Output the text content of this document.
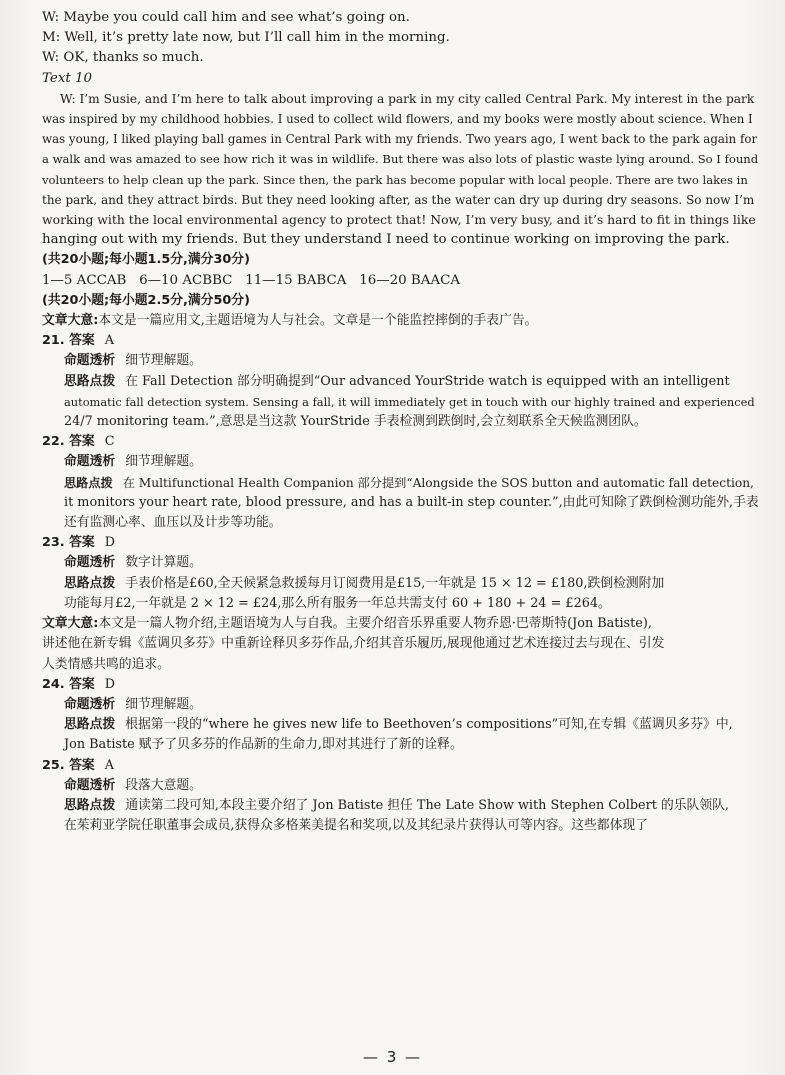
W: Maybe you could call him and see what’s going on.

M: Well, it’s pretty late now, but I’ll call him in the morning.

W: OK, thanks so much.

Text 10

W: I’m Susie, and I’m here to talk about improving a park in my city called Central Park. My interest in the park

was inspired by my childhood hobbies. I used to collect wild flowers, and my books were mostly about science. When I

was young, I liked playing ball games in Central Park with my friends. Two years ago, I went back to the park again for

a walk and was amazed to see how rich it was in wildlife. But there was also lots of plastic waste lying around. So I found

volunteers to help clean up the park. Since then, the park has become popular with local people. There are two lakes in

the park, and they attract birds. But they need looking after, as the water can dry up during dry seasons. So now I’m

working with the local environmental agency to protect that! Now, I’m very busy, and it’s hard to fit in things like

hanging out with my friends. But they understand I need to continue working on improving the park.

(共20小题;每小题1.5分,满分30分)

1—5 ACCAB   6—10 ACBBC   11—15 BABCA   16—20 BAACA

(共20小题;每小题2.5分,满分50分)

文章大意:本文是一篇应用文,主题语境为人与社会。文章是一个能监控摔倒的手表广告。

21. 答案 A

命题透析 细节理解题。

思路点拨 在 Fall Detection 部分明确提到“Our advanced YourStride watch is equipped with an intelligent

automatic fall detection system. Sensing a fall, it will immediately get in touch with our highly trained and experienced

24/7 monitoring team.”,意思是当这款 YourStride 手表检测到跌倒时,会立刻联系全天候监测团队。

22. 答案 C

命题透析 细节理解题。

思路点拨 在 Multifunctional Health Companion 部分提到“Alongside the SOS button and automatic fall detection,

it monitors your heart rate, blood pressure, and has a built-in step counter.”,由此可知除了跌倒检测功能外,手表

还有监测心率、血压以及计步等功能。

23. 答案 D

命题透析 数字计算题。

思路点拨 手表价格是£60,全天候紧急救援每月订阅费用是£15,一年就是 15 × 12 = £180,跌倒检测附加

功能每月£2,一年就是 2 × 12 = £24,那么所有服务一年总共需支付 60 + 180 + 24 = £264。

文章大意:本文是一篇人物介绍,主题语境为人与自我。主要介绍音乐界重要人物乔恩·巴蒂斯特(Jon Batiste),

讲述他在新专辑《蓝调贝多芬》中重新诠释贝多芬作品,介绍其音乐履历,展现他通过艺术连接过去与现在、引发

人类情感共鸣的追求。

24. 答案 D

命题透析 细节理解题。

思路点拨 根据第一段的“where he gives new life to Beethoven’s compositions”可知,在专辑《蓝调贝多芬》中,

Jon Batiste 赋予了贝多芬的作品新的生命力,即对其进行了新的诠释。

25. 答案 A

命题透析 段落大意题。

思路点拨 通读第二段可知,本段主要介绍了 Jon Batiste 担任 The Late Show with Stephen Colbert 的乐队领队,

在茱莉亚学院任职董事会成员,获得众多格莱美提名和奖项,以及其纪录片获得认可等内容。这些都体现了

— 3 —
